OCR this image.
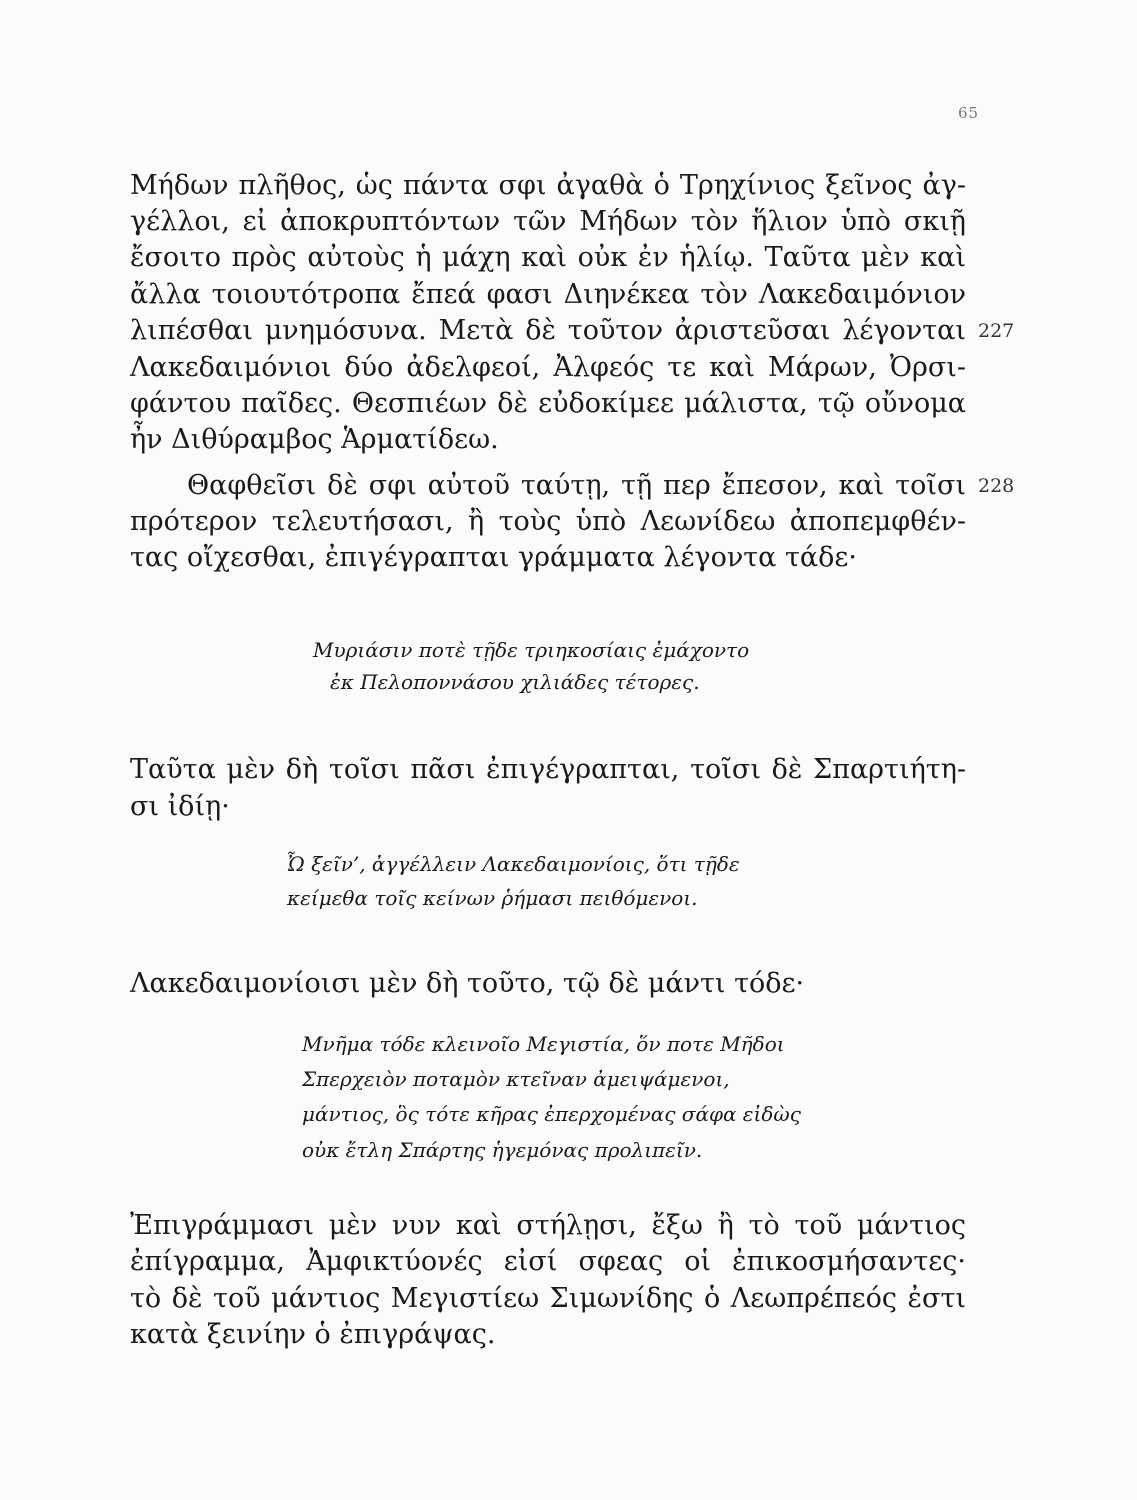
65
Μήδων πλῆθος, ὡς πάντα σφι ἀγαθὰ ὁ Τρηχίνιος ξεῖνος ἀγ-
γέλλοι, εἰ ἀποκρυπτόντων τῶν Μήδων τὸν ἥλιον ὑπὸ σκιῇ
ἔσοιτο πρὸς αὐτοὺς ἡ μάχη καὶ οὐκ ἐν ἡλίῳ. Ταῦτα μὲν καὶ
ἄλλα τοιουτότροπα ἔπεά φασι Διηνέκεα τὸν Λακεδαιμόνιον
λιπέσθαι μνημόσυνα. Μετὰ δὲ τοῦτον ἀριστεῦσαι λέγονται
Λακεδαιμόνιοι δύο ἀδελφεοί, Ἀλφεός τε καὶ Μάρων, Ὀρσι-
φάντου παῖδες. Θεσπιέων δὲ εὐδοκίμεε μάλιστα, τῷ οὔνομα
ἦν Διθύραμβος Ἁρματίδεω.
227
228
Θαφθεῖσι δὲ σφι αὐτοῦ ταύτῃ, τῇ περ ἔπεσον, καὶ τοῖσι
πρότερον τελευτήσασι, ἢ τοὺς ὑπὸ Λεωνίδεω ἀποπεμφθέν-
τας οἴχεσθαι, ἐπιγέγραπται γράμματα λέγοντα τάδε·
Μυριάσιν ποτὲ τῇδε τριηκοσίαις ἐμάχοντο
ἐκ Πελοποννάσου χιλιάδες τέτορες.
Ταῦτα μὲν δὴ τοῖσι πᾶσι ἐπιγέγραπται, τοῖσι δὲ Σπαρτιήτη-
σι ἰδίῃ·
Ὦ ξεῖν’, ἀγγέλλειν Λακεδαιμονίοις, ὅτι τῇδε
κείμεθα τοῖς κείνων ῥήμασι πειθόμενοι.
Λακεδαιμονίοισι μὲν δὴ τοῦτο, τῷ δὲ μάντι τόδε·
Μνῆμα τόδε κλεινοῖο Μεγιστία, ὅν ποτε Μῆδοι
Σπερχειὸν ποταμὸν κτεῖναν ἀμειψάμενοι,
μάντιος, ὃς τότε κῆρας ἐπερχομένας σάφα εἰδὼς
οὐκ ἔτλη Σπάρτης ἡγεμόνας προλιπεῖν.
Ἐπιγράμμασι μὲν νυν καὶ στήλῃσι, ἔξω ἢ τὸ τοῦ μάντιος
ἐπίγραμμα, Ἀμφικτύονές εἰσί σφεας οἱ ἐπικοσμήσαντες·
τὸ δὲ τοῦ μάντιος Μεγιστίεω Σιμωνίδης ὁ Λεωπρέπεός ἐστι
κατὰ ξεινίην ὁ ἐπιγράψας.
